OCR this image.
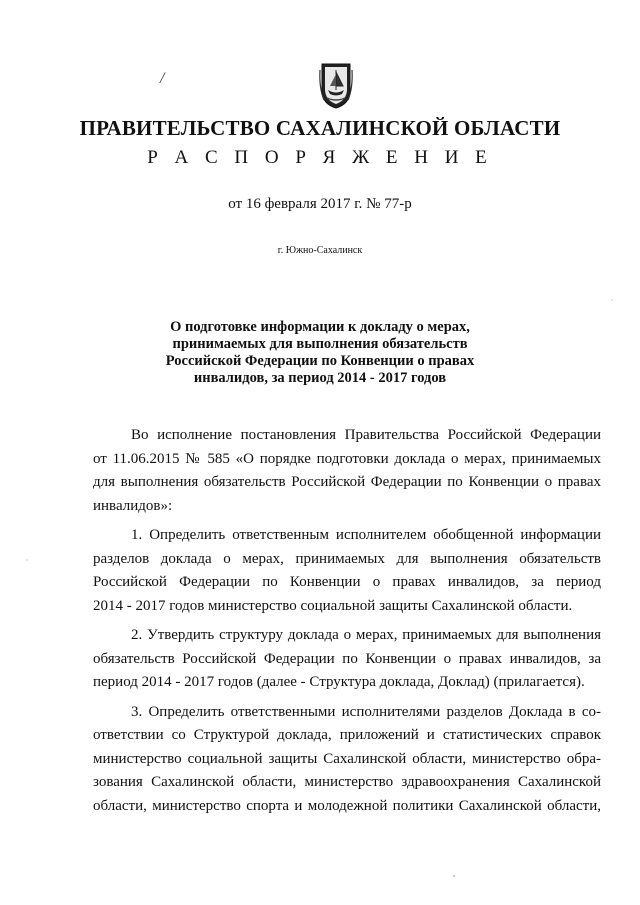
/
ПРАВИТЕЛЬСТВО САХАЛИНСКОЙ ОБЛАСТИ
Р А С П О Р Я Ж Е Н И Е
от 16 февраля 2017 г. № 77-р
г. Южно-Сахалинск
О подготовке информации к докладу о мерах,
принимаемых для выполнения обязательств
Российской Федерации по Конвенции о правах
инвалидов, за период 2014 - 2017 годов

Во исполнение постановления Правительства Российской Федерации
от 11.06.2015 № 585 «О порядке подготовки доклада о мерах, принимаемых
для выполнения обязательств Российской Федерации по Конвенции о правах
инвалидов»:

1. Определить ответственным исполнителем обобщенной информации
разделов доклада о мерах, принимаемых для выполнения обязательств
Российской Федерации по Конвенции о правах инвалидов, за период
2014 - 2017 годов министерство социальной защиты Сахалинской области.

2. Утвердить структуру доклада о мерах, принимаемых для выполнения
обязательств Российской Федерации по Конвенции о правах инвалидов, за
период 2014 - 2017 годов (далее - Структура доклада, Доклад) (прилагается).

3. Определить ответственными исполнителями разделов Доклада в со-
ответствии со Структурой доклада, приложений и статистических справок
министерство социальной защиты Сахалинской области, министерство обра-
зования Сахалинской области, министерство здравоохранения Сахалинской
области, министерство спорта и молодежной политики Сахалинской области,
